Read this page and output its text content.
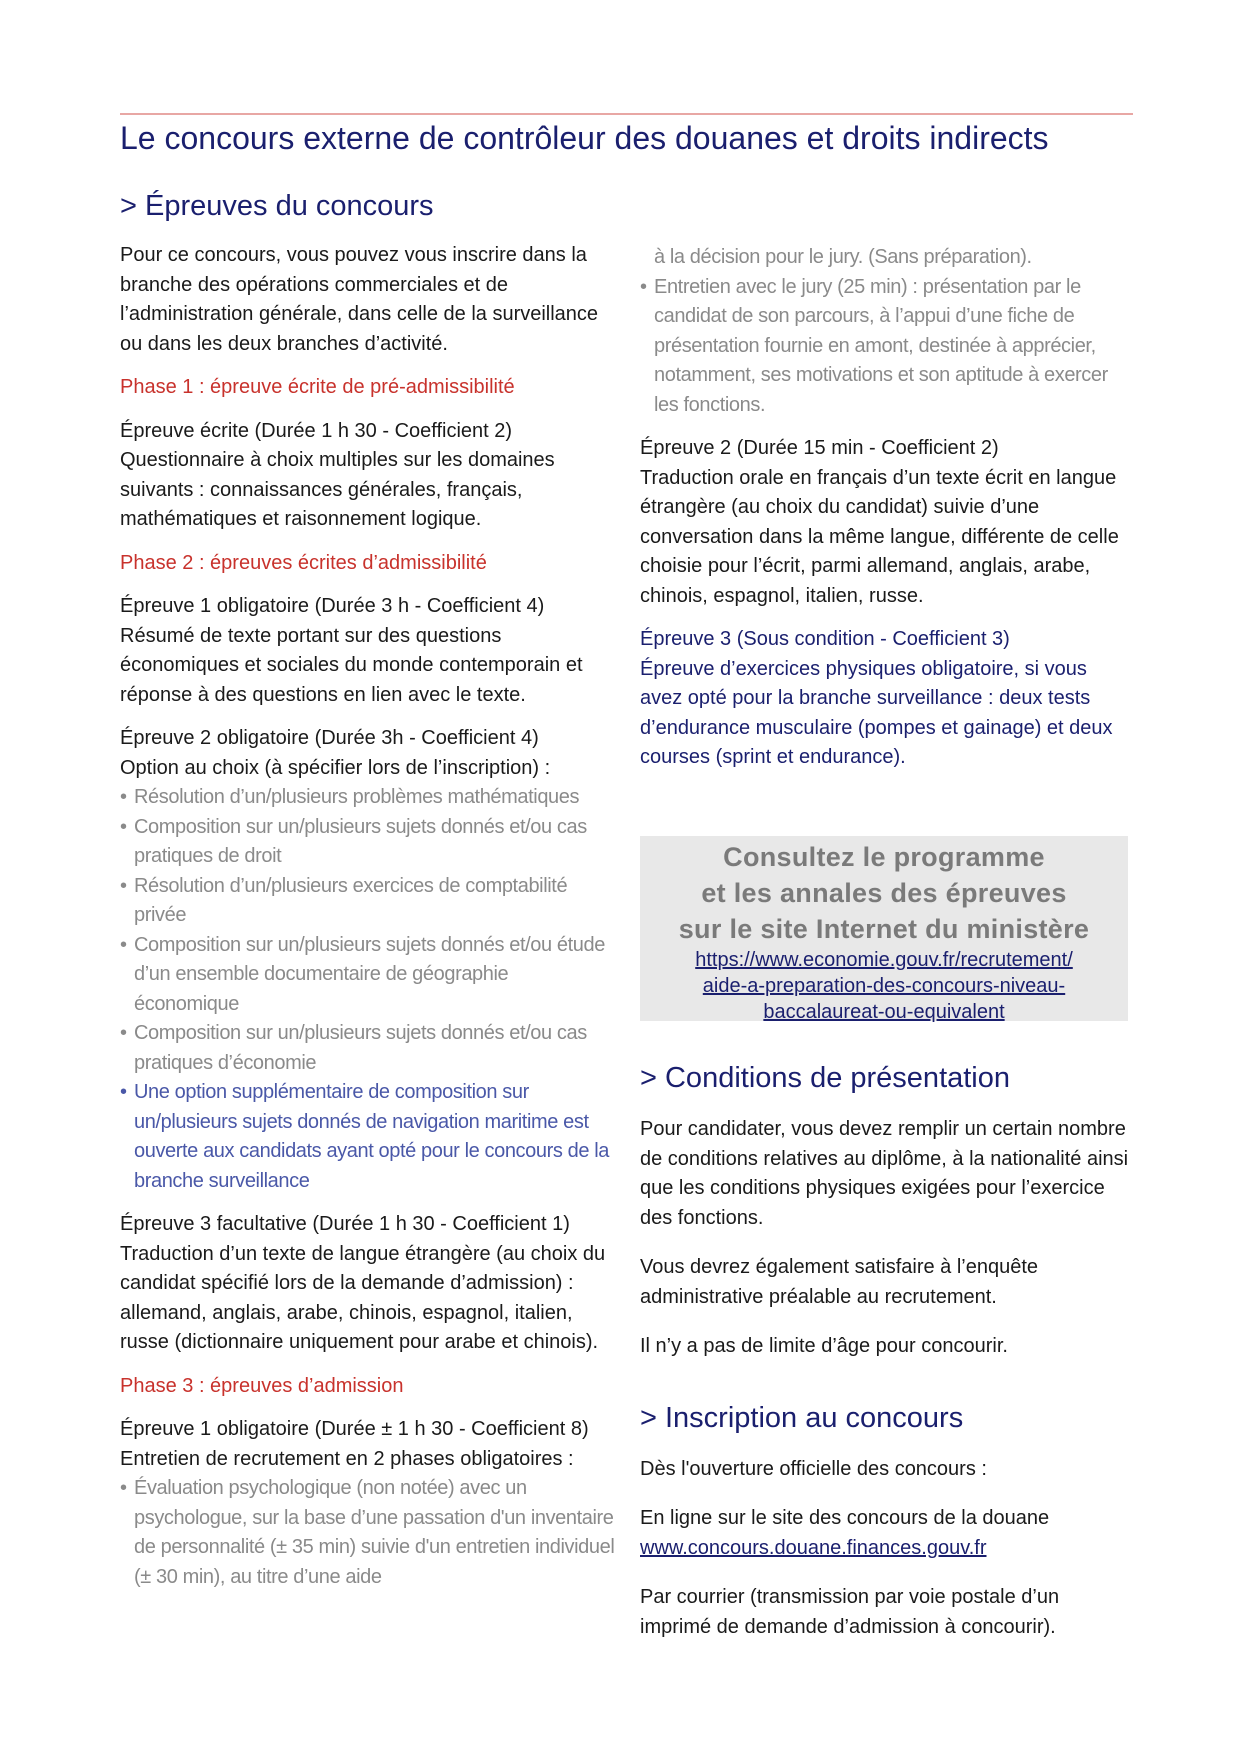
Le concours externe de contrôleur des douanes et droits indirects
> Épreuves du concours

Pour ce concours, vous pouvez vous inscrire dans la branche des opérations commerciales et de l’administration générale, dans celle de la surveillance ou dans les deux branches d’activité.

Phase 1 : épreuve écrite de pré-admissibilité

Épreuve écrite (Durée 1 h 30 - Coefficient 2)
Questionnaire à choix multiples sur les domaines suivants : connaissances générales, français, mathématiques et raisonnement logique.

Phase 2 : épreuves écrites d’admissibilité

Épreuve 1 obligatoire (Durée 3 h - Coefficient 4)
Résumé de texte portant sur des questions économiques et sociales du monde contemporain et réponse à des questions en lien avec le texte.

Épreuve 2 obligatoire (Durée 3h - Coefficient 4)
Option au choix (à spécifier lors de l’inscription) :

• Résolution d’un/plusieurs problèmes mathématiques
• Composition sur un/plusieurs sujets donnés et/ou cas pratiques de droit
• Résolution d’un/plusieurs exercices de comptabilité privée
• Composition sur un/plusieurs sujets donnés et/ou étude d’un ensemble documentaire de géographie économique
• Composition sur un/plusieurs sujets donnés et/ou cas pratiques d’économie
• Une option supplémentaire de composition sur un/plusieurs sujets donnés de navigation maritime est ouverte aux candidats ayant opté pour le concours de la branche surveillance

Épreuve 3 facultative (Durée 1 h 30 - Coefficient 1)
Traduction d’un texte de langue étrangère (au choix du candidat spécifié lors de la demande d’admission) : allemand, anglais, arabe, chinois, espagnol, italien, russe (dictionnaire uniquement pour arabe et chinois).

Phase 3 : épreuves d’admission

Épreuve 1 obligatoire (Durée ± 1 h 30 - Coefficient 8)
Entretien de recrutement en 2 phases obligatoires :

• Évaluation psychologique (non notée) avec un psychologue, sur la base d’une passation d'un inventaire de personnalité (± 35 min) suivie d'un entretien individuel (± 30 min), au titre d’une aide

à la décision pour le jury. (Sans préparation).

• Entretien avec le jury (25 min) : présentation par le candidat de son parcours, à l’appui d’une fiche de présentation fournie en amont, destinée à apprécier, notamment, ses motivations et son aptitude à exercer les fonctions.

Épreuve 2 (Durée 15 min - Coefficient 2)
Traduction orale en français d’un texte écrit en langue étrangère (au choix du candidat) suivie d’une conversation dans la même langue, différente de celle choisie pour l’écrit, parmi allemand, anglais, arabe, chinois, espagnol, italien, russe.

Épreuve 3 (Sous condition - Coefficient 3)
Épreuve d’exercices physiques obligatoire, si vous avez opté pour la branche surveillance : deux tests d’endurance musculaire (pompes et gainage) et deux courses (sprint et endurance).

Consultez le programme
et les annales des épreuves
sur le site Internet du ministère
https://www.economie.gouv.fr/recrutement/
aide-a-preparation-des-concours-niveau-
baccalaureat-ou-equivalent
> Conditions de présentation

Pour candidater, vous devez remplir un certain nombre de conditions relatives au diplôme, à la nationalité ainsi que les conditions physiques exigées pour l’exercice des fonctions.

Vous devrez également satisfaire à l’enquête administrative préalable au recrutement.

Il n’y a pas de limite d’âge pour concourir.

> Inscription au concours

Dès l'ouverture officielle des concours :

En ligne sur le site des concours de la douane
www.concours.douane.finances.gouv.fr

Par courrier (transmission par voie postale d’un imprimé de demande d’admission à concourir).
